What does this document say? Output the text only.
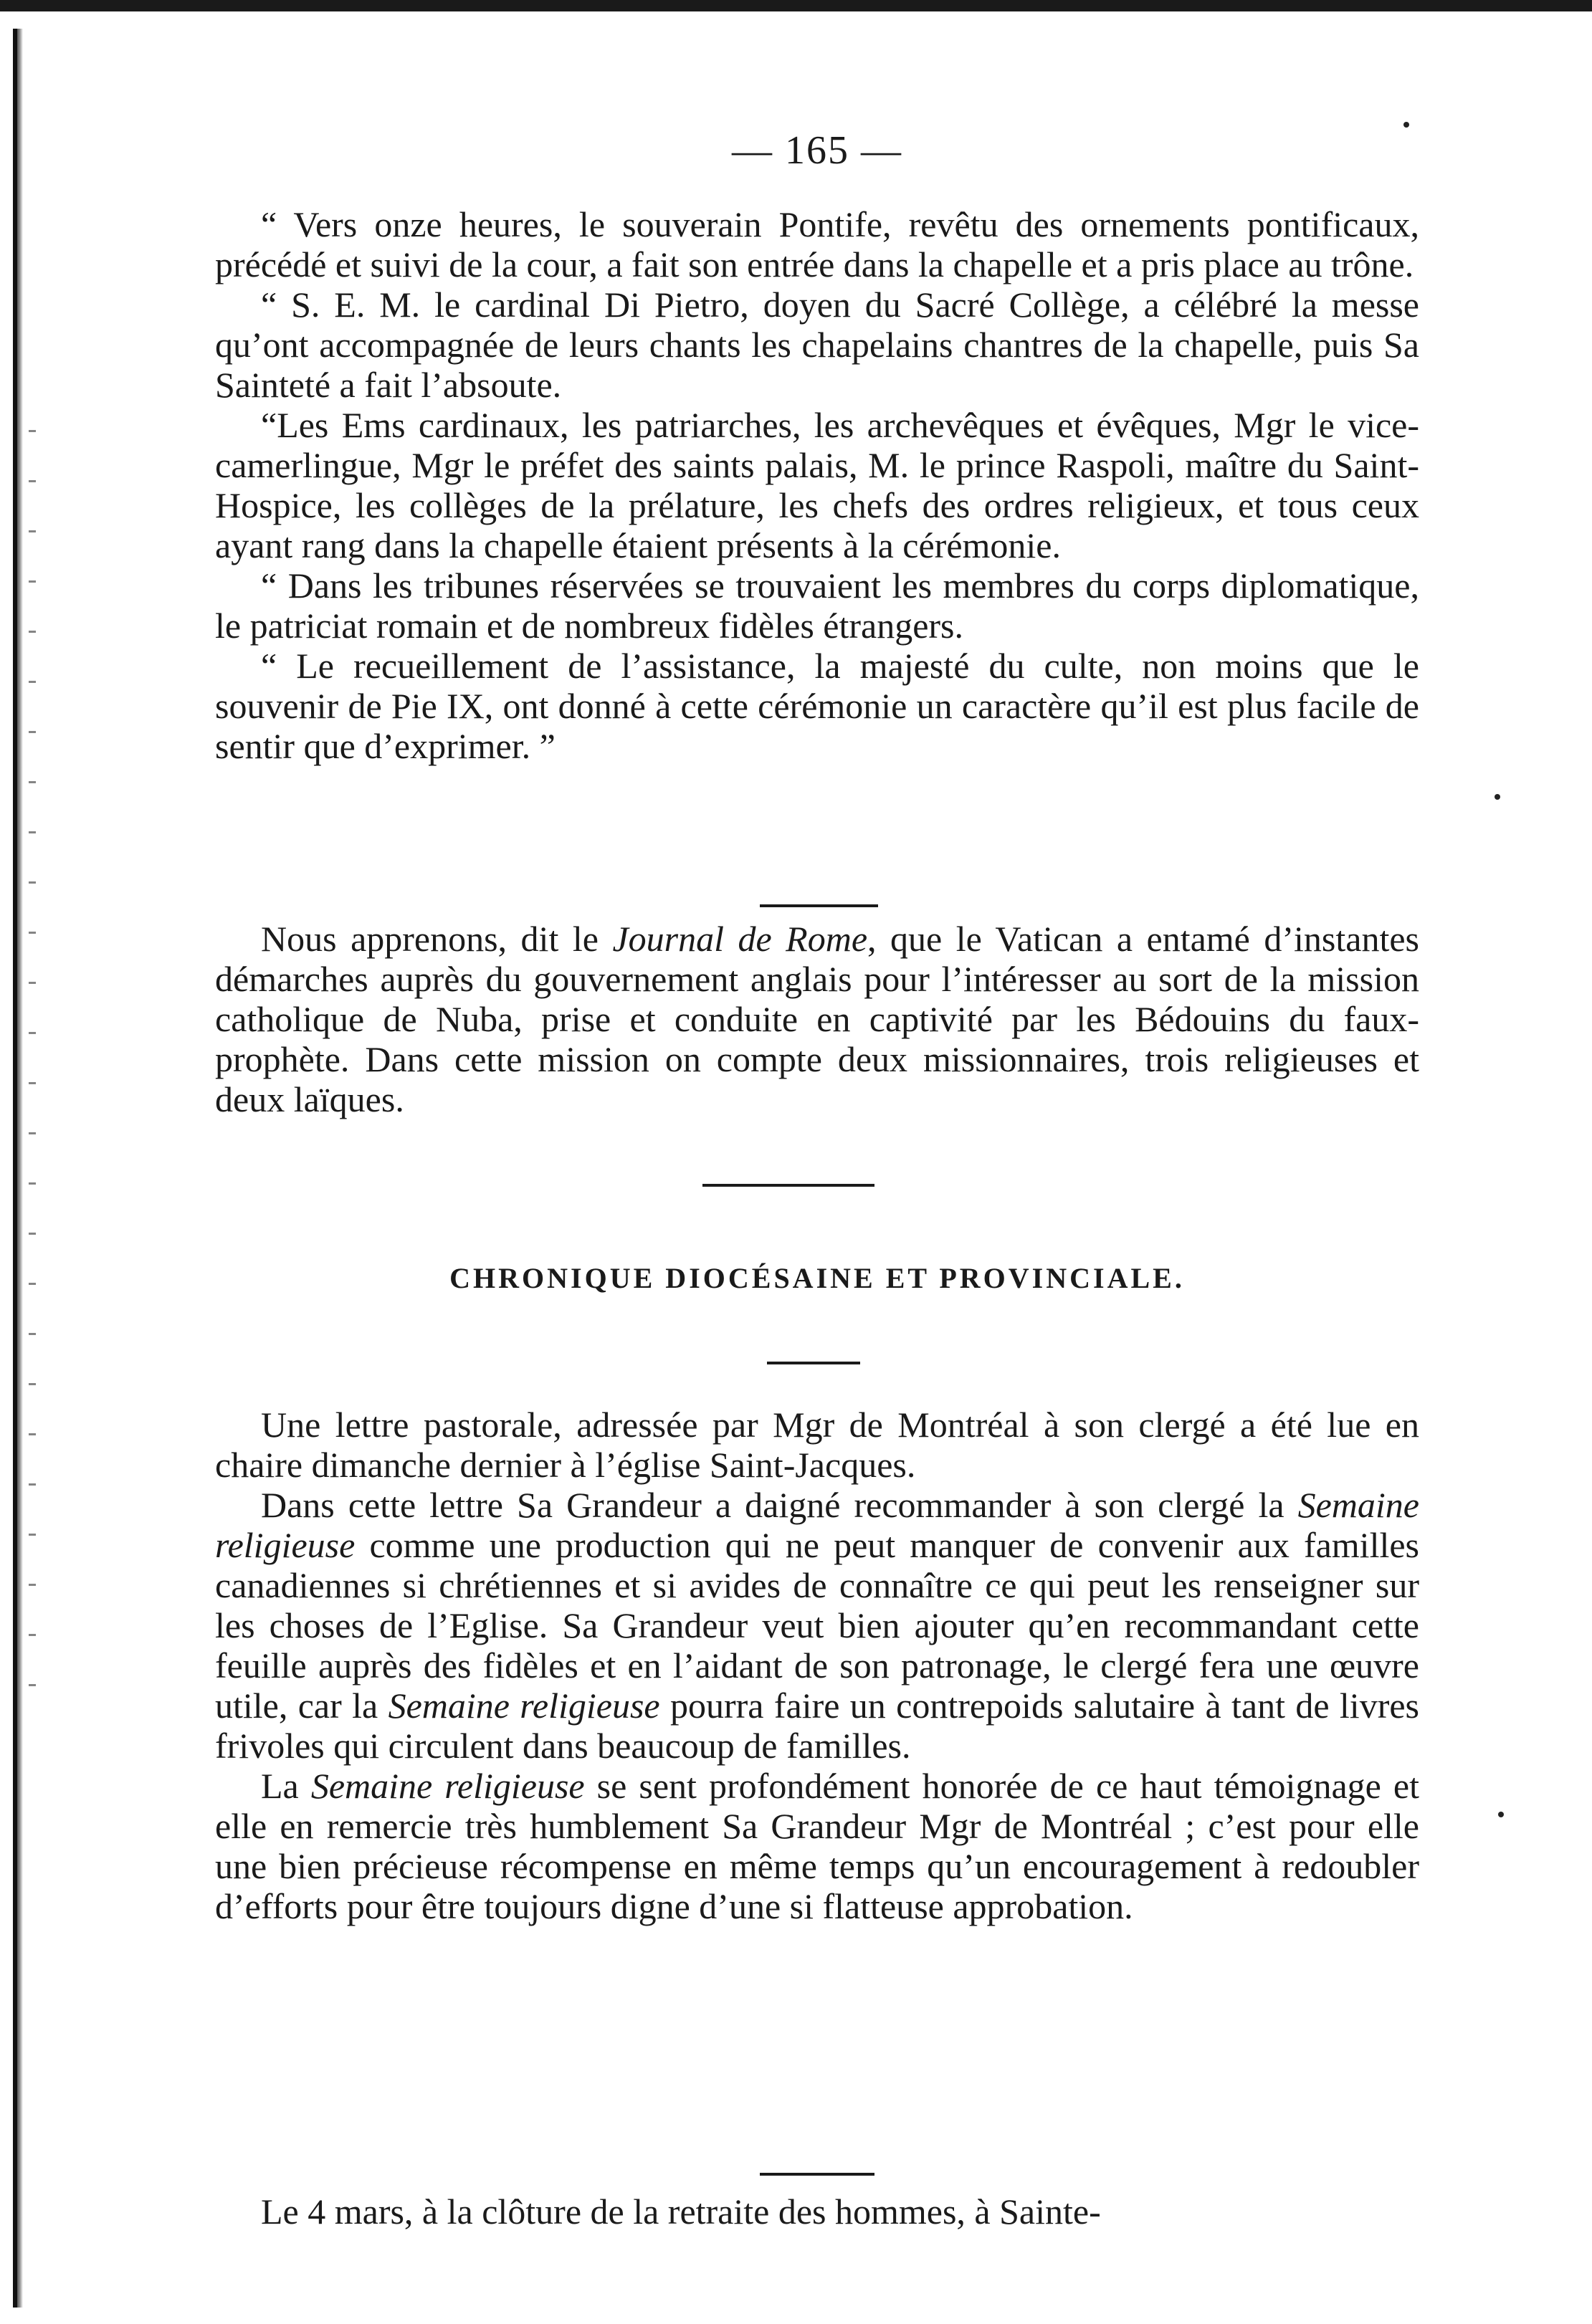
— 165 —

“ Vers onze heures, le souverain Pontife, revêtu des ornements pontificaux, précédé et suivi de la cour, a fait son entrée dans la chapelle et a pris place au trône.

“ S. E. M. le cardinal Di Pietro, doyen du Sacré Collège, a célébré la messe qu’ont accompagnée de leurs chants les chapelains chantres de la chapelle, puis Sa Sainteté a fait l’absoute.

“Les Ems cardinaux, les patriarches, les archevêques et évêques, Mgr le vice-camerlingue, Mgr le préfet des saints palais, M. le prince Raspoli, maître du Saint-Hospice, les collèges de la prélature, les chefs des ordres religieux, et tous ceux ayant rang dans la chapelle étaient présents à la cérémonie.

“ Dans les tribunes réservées se trouvaient les membres du corps diplomatique, le patriciat romain et de nombreux fidèles étrangers.

“ Le recueillement de l’assistance, la majesté du culte, non moins que le souvenir de Pie IX, ont donné à cette cérémonie un caractère qu’il est plus facile de sentir que d’exprimer. ”

Nous apprenons, dit le Journal de Rome, que le Vatican a entamé d’instantes démarches auprès du gouvernement anglais pour l’intéresser au sort de la mission catholique de Nuba, prise et conduite en captivité par les Bédouins du faux-prophète. Dans cette mission on compte deux missionnaires, trois religieuses et deux laïques.

CHRONIQUE DIOCÉSAINE ET PROVINCIALE.

Une lettre pastorale, adressée par Mgr de Montréal à son clergé a été lue en chaire dimanche dernier à l’église Saint-Jacques.

Dans cette lettre Sa Grandeur a daigné recommander à son clergé la Semaine religieuse comme une production qui ne peut manquer de convenir aux familles canadiennes si chrétiennes et si avides de connaître ce qui peut les renseigner sur les choses de l’Eglise. Sa Grandeur veut bien ajouter qu’en recommandant cette feuille auprès des fidèles et en l’aidant de son patronage, le clergé fera une œuvre utile, car la Semaine religieuse pourra faire un contrepoids salutaire à tant de livres frivoles qui circulent dans beaucoup de familles.

La Semaine religieuse se sent profondément honorée de ce haut témoignage et elle en remercie très humblement Sa Grandeur Mgr de Montréal ; c’est pour elle une bien précieuse récompense en même temps qu’un encouragement à redoubler d’efforts pour être toujours digne d’une si flatteuse approbation.

Le 4 mars, à la clôture de la retraite des hommes, à Sainte-
